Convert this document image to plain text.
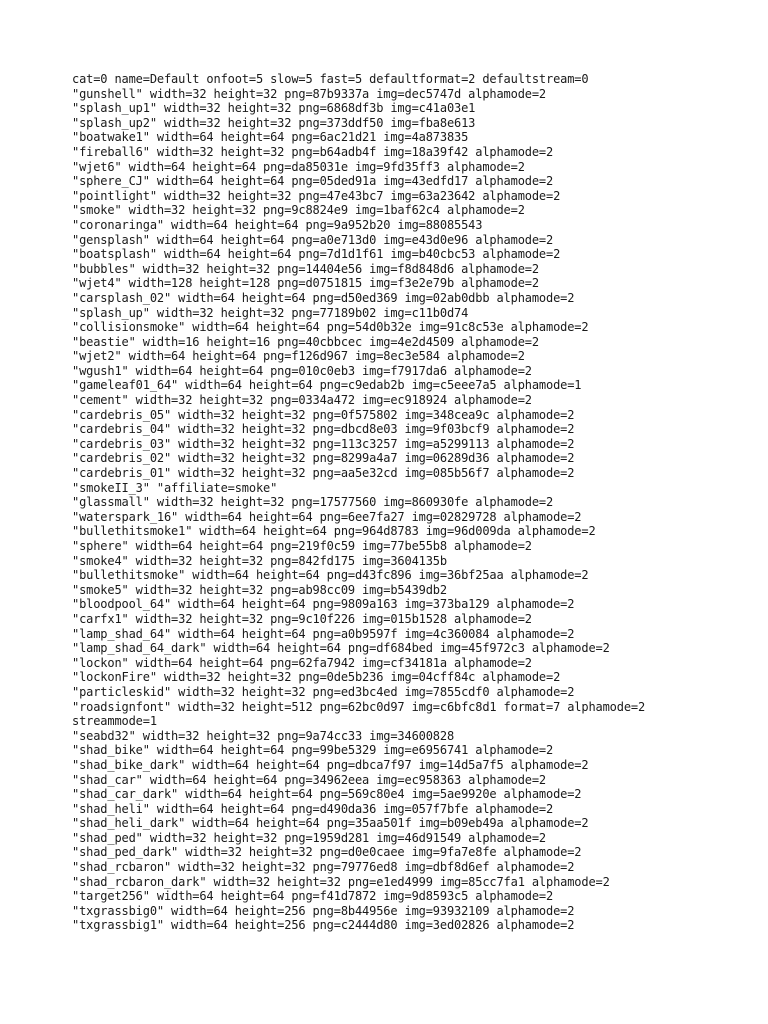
cat=0 name=Default onfoot=5 slow=5 fast=5 defaultformat=2 defaultstream=0
"gunshell" width=32 height=32 png=87b9337a img=dec5747d alphamode=2
"splash_up1" width=32 height=32 png=6868df3b img=c41a03e1
"splash_up2" width=32 height=32 png=373ddf50 img=fba8e613
"boatwake1" width=64 height=64 png=6ac21d21 img=4a873835
"fireball6" width=32 height=32 png=b64adb4f img=18a39f42 alphamode=2
"wjet6" width=64 height=64 png=da85031e img=9fd35ff3 alphamode=2
"sphere_CJ" width=64 height=64 png=05ded91a img=43edfd17 alphamode=2
"pointlight" width=32 height=32 png=47e43bc7 img=63a23642 alphamode=2
"smoke" width=32 height=32 png=9c8824e9 img=1baf62c4 alphamode=2
"coronaringa" width=64 height=64 png=9a952b20 img=88085543
"gensplash" width=64 height=64 png=a0e713d0 img=e43d0e96 alphamode=2
"boatsplash" width=64 height=64 png=7d1d1f61 img=b40cbc53 alphamode=2
"bubbles" width=32 height=32 png=14404e56 img=f8d848d6 alphamode=2
"wjet4" width=128 height=128 png=d0751815 img=f3e2e79b alphamode=2
"carsplash_02" width=64 height=64 png=d50ed369 img=02ab0dbb alphamode=2
"splash_up" width=32 height=32 png=77189b02 img=c11b0d74
"collisionsmoke" width=64 height=64 png=54d0b32e img=91c8c53e alphamode=2
"beastie" width=16 height=16 png=40cbbcec img=4e2d4509 alphamode=2
"wjet2" width=64 height=64 png=f126d967 img=8ec3e584 alphamode=2
"wgush1" width=64 height=64 png=010c0eb3 img=f7917da6 alphamode=2
"gameleaf01_64" width=64 height=64 png=c9edab2b img=c5eee7a5 alphamode=1
"cement" width=32 height=32 png=0334a472 img=ec918924 alphamode=2
"cardebris_05" width=32 height=32 png=0f575802 img=348cea9c alphamode=2
"cardebris_04" width=32 height=32 png=dbcd8e03 img=9f03bcf9 alphamode=2
"cardebris_03" width=32 height=32 png=113c3257 img=a5299113 alphamode=2
"cardebris_02" width=32 height=32 png=8299a4a7 img=06289d36 alphamode=2
"cardebris_01" width=32 height=32 png=aa5e32cd img=085b56f7 alphamode=2
"smokeII_3" "affiliate=smoke"
"glassmall" width=32 height=32 png=17577560 img=860930fe alphamode=2
"waterspark_16" width=64 height=64 png=6ee7fa27 img=02829728 alphamode=2
"bullethitsmoke1" width=64 height=64 png=964d8783 img=96d009da alphamode=2
"sphere" width=64 height=64 png=219f0c59 img=77be55b8 alphamode=2
"smoke4" width=32 height=32 png=842fd175 img=3604135b
"bullethitsmoke" width=64 height=64 png=d43fc896 img=36bf25aa alphamode=2
"smoke5" width=32 height=32 png=ab98cc09 img=b5439db2
"bloodpool_64" width=64 height=64 png=9809a163 img=373ba129 alphamode=2
"carfx1" width=32 height=32 png=9c10f226 img=015b1528 alphamode=2
"lamp_shad_64" width=64 height=64 png=a0b9597f img=4c360084 alphamode=2
"lamp_shad_64_dark" width=64 height=64 png=df684bed img=45f972c3 alphamode=2
"lockon" width=64 height=64 png=62fa7942 img=cf34181a alphamode=2
"lockonFire" width=32 height=32 png=0de5b236 img=04cff84c alphamode=2
"particleskid" width=32 height=32 png=ed3bc4ed img=7855cdf0 alphamode=2
"roadsignfont" width=32 height=512 png=62bc0d97 img=c6bfc8d1 format=7 alphamode=2
streammode=1
"seabd32" width=32 height=32 png=9a74cc33 img=34600828
"shad_bike" width=64 height=64 png=99be5329 img=e6956741 alphamode=2
"shad_bike_dark" width=64 height=64 png=dbca7f97 img=14d5a7f5 alphamode=2
"shad_car" width=64 height=64 png=34962eea img=ec958363 alphamode=2
"shad_car_dark" width=64 height=64 png=569c80e4 img=5ae9920e alphamode=2
"shad_heli" width=64 height=64 png=d490da36 img=057f7bfe alphamode=2
"shad_heli_dark" width=64 height=64 png=35aa501f img=b09eb49a alphamode=2
"shad_ped" width=32 height=32 png=1959d281 img=46d91549 alphamode=2
"shad_ped_dark" width=32 height=32 png=d0e0caee img=9fa7e8fe alphamode=2
"shad_rcbaron" width=32 height=32 png=79776ed8 img=dbf8d6ef alphamode=2
"shad_rcbaron_dark" width=32 height=32 png=e1ed4999 img=85cc7fa1 alphamode=2
"target256" width=64 height=64 png=f41d7872 img=9d8593c5 alphamode=2
"txgrassbig0" width=64 height=256 png=8b44956e img=93932109 alphamode=2
"txgrassbig1" width=64 height=256 png=c2444d80 img=3ed02826 alphamode=2
